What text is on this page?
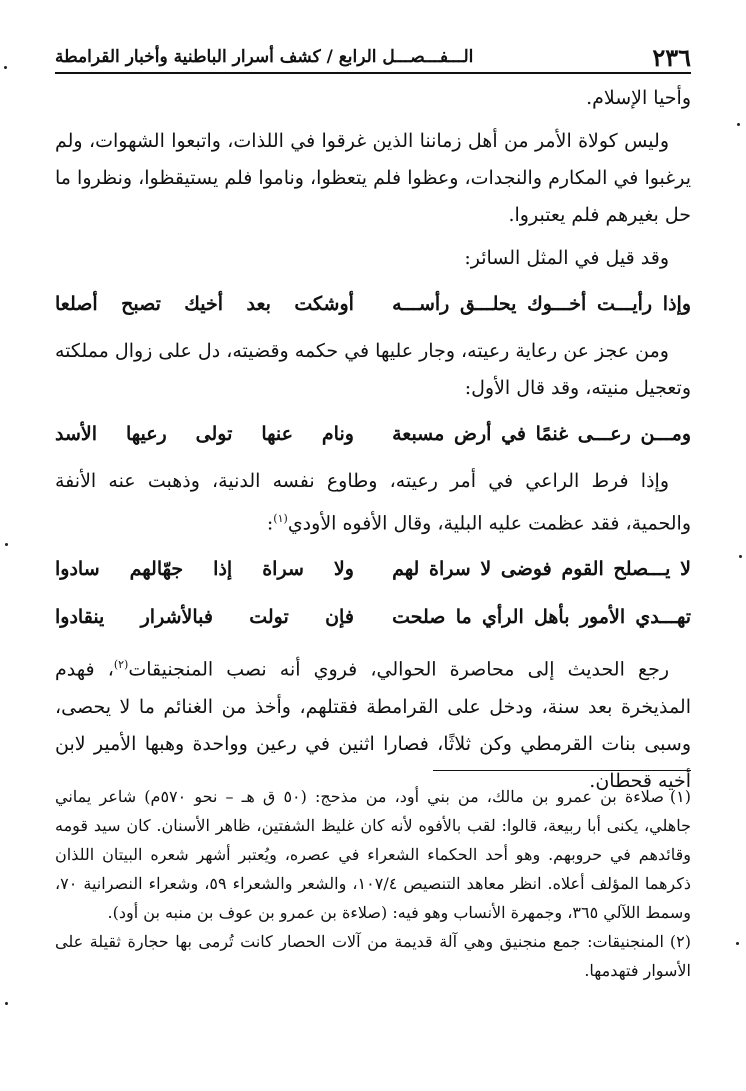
٢٣٦
الـــفـــصـــل الرابع / كشف أسرار الباطنية وأخبار القرامطة

وأحيا الإسلام.

وليس كولاة الأمر من أهل زماننا الذين غرقوا في اللذات، واتبعوا الشهوات، ولم يرغبوا في المكارم والنجدات، وعظوا فلم يتعظوا، وناموا فلم يستيقظوا، ونظروا ما حل بغيرهم فلم يعتبروا.

وقد قيل في المثل السائر:

وإذا رأيـــت أخـــوك يحلـــق رأســـه
أوشكت بعد أخيك تصبح أصلعا

ومن عجز عن رعاية رعيته، وجار عليها في حكمه وقضيته، دل على زوال مملكته وتعجيل منيته، وقد قال الأول:

ومـــن رعـــى غنمًا في أرض مسبعة
ونام عنها تولى رعيها الأسد

وإذا فرط الراعي في أمر رعيته، وطاوع نفسه الدنية، وذهبت عنه الأنفة والحمية، فقد عظمت عليه البلية، وقال الأفوه الأودي$^{(١)}$:

لا يـــصلح القوم فوضى لا سراة لهم
ولا سراة إذا جهّالهم سادوا
تهـــدي الأمور بأهل الرأي ما صلحت
فإن تولت فبالأشرار ينقادوا

رجع الحديث إلى محاصرة الحوالي، فروي أنه نصب المنجنيقات$^{(٢)}$، فهدم المذيخرة بعد سنة، ودخل على القرامطة فقتلهم، وأخذ من الغنائم ما لا يحصى، وسبى بنات القرمطي وكن ثلاثًا، فصارا اثنين في رعين وواحدة وهبها الأمير لابن أخيه قحطان.

(١)صلاءة بن عمرو بن مالك، من بني أود، من مذحج: (٥٠ ق هـ – نحو ٥٧٠م) شاعر يماني جاهلي، يكنى أبا ربيعة، قالوا: لقب بالأفوه لأنه كان غليظ الشفتين، ظاهر الأسنان. كان سيد قومه وقائدهم في حروبهم. وهو أحد الحكماء الشعراء في عصره، ويُعتبر أشهر شعره البيتان اللذان ذكرهما المؤلف أعلاه. انظر معاهد التنصيص ١٠٧/٤، والشعر والشعراء ٥٩، وشعراء النصرانية ٧٠، وسمط اللآلي ٣٦٥، وجمهرة الأنساب وهو فيه: (صلاءة بن عمرو بن عوف بن منبه بن أود).

(٢)المنجنيقات: جمع منجنيق وهي آلة قديمة من آلات الحصار كانت تُرمى بها حجارة ثقيلة على الأسوار فتهدمها.
